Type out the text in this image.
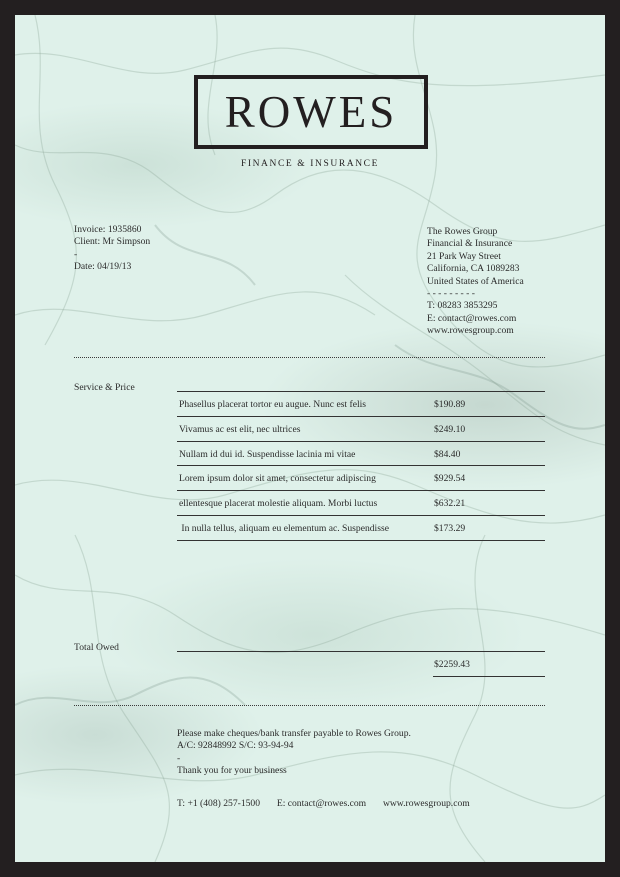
ROWES
FINANCE & INSURANCE
Invoice: 1935860
Client: Mr Simpson
-
Date: 04/19/13
The Rowes Group
Financial & Insurance
21 Park Way Street
California, CA 1089283
United States of America
- - - - - - - - -
T: 08283 3853295
E: contact@rowes.com
www.rowesgroup.com
Service & Price
Phasellus placerat tortor eu augue. Nunc est felis	$190.89
Vivamus ac est elit, nec ultrices	$249.10
Nullam id dui id. Suspendisse lacinia mi vitae	$84.40
Lorem ipsum dolor sit amet, consectetur adipiscing	$929.54
ellentesque placerat molestie aliquam. Morbi luctus	$632.21
In nulla tellus, aliquam eu elementum ac. Suspendisse	$173.29
Total Owed
$2259.43
Please make cheques/bank transfer payable to Rowes Group.
A/C: 92848992 S/C: 93-94-94
-
Thank you for your business
T: +1 (408) 257-1500 E: contact@rowes.com www.rowesgroup.com
